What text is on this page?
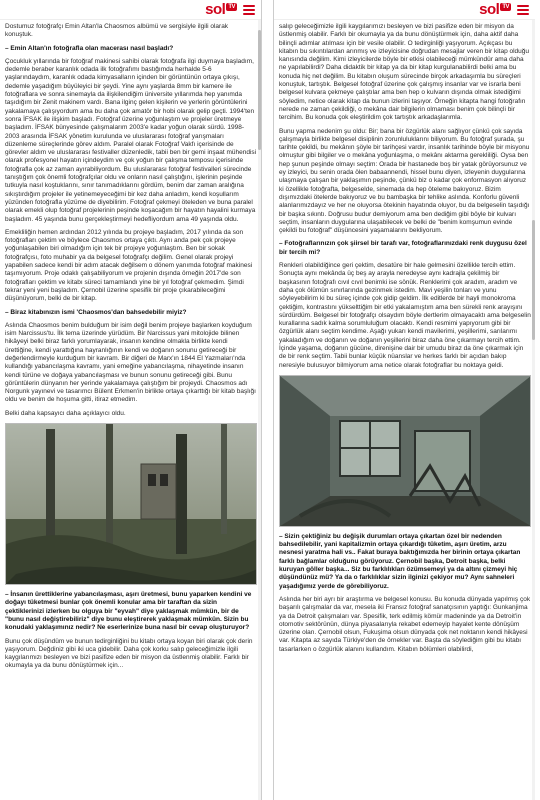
sol TV

Dostumuz fotoğrafçı Emin Altan'la Chaosmos albümü ve sergisiyle ilgili olarak konuştuk.

– Emin Altan'ın fotoğrafla olan macerası nasıl başladı?

Çocukluk yıllarında bir fotoğraf makinesi sahibi olarak fotoğrafa ilgi duymaya başladım, dedemle beraber karanlık odada ilk fotoğrafımı bastığımda herhalde 5-6 yaşlarındaydım, karanlık odada kimyasalların içinden bir görüntünün ortaya çıkışı, dedemle yaşadığım büyüleyici bir şeydi. Yine aynı yaşlarda 8mm bir kamere ile fotoğraflara ve sonra sinemayla da ilişkilendiğim üniversite yıllarımda hep yanımda taşıdığım bir Zenit makinem vardı. Bana ilginç gelen kişilerin ve yerlerin görüntülerini yakalamaya çalışıyordum ama bu daha çok amatör bir hobi olarak gelip geçti. 1994'ten sonra İFSAK ile ilişkim başladı. Fotoğraf üzerine yoğunlaştım ve projeler üretmeye başladım. İFSAK bünyesinde çalışmalarım 2003'e kadar yoğun olarak sürdü. 1998-2003 arasında İFSAK yönetim kurulunda ve uluslararası fotoğraf yarışmaları düzenleme süreçlerinde görev aldım. Paralel olarak Fotoğraf Vakfı içerisinde de görevler aldım ve uluslararası festivaller düzenledik, tabii ben bir gemi inşaat mühendisi olarak profesyonel hayatın içindeydim ve çok yoğun bir çalışma temposu içerisinde fotoğrafla çok az zaman ayırabiliyordum. Bu uluslararası fotoğraf festivalleri sürecinde tanıştığım çok önemli fotoğrafçılar oldu ve onların nasıl çalıştığını, işlerinin peşinde tutkuyla nasıl koştuklarını, sınır tanımadıklarını gördüm, benim dar zaman aralığına sıkıştırdığım projeler ile yetinemeyeceğimi bir kez daha anladım, kendi koşullarım yüzünden fotoğrafla yüzüme de diyebilirim. Fotoğraf çekmeyi öteleden ve buna paralel olarak emekli olup fotoğraf projelerinin peşinde koşacağım bir hayatın hayalini kurmaya başladım. 45 yaşında bunu gerçekleştirmeyi hedefliyordum ama 49 yaşında oldu.

Emekliliğin hemen ardından 2012 yılında bu projeye başladım, 2017 yılında da son fotoğrafları çektim ve böylece Chaosmos ortaya çıktı. Aynı anda pek çok projeye yoğunlaşabilen biri olmadığım için tek bir projeye yoğunlaştım. Ben bir sokak fotoğrafçısı, foto muhabir ya da belgesel fotoğrafçı değilim. Genel olarak projeyi yapabilen sadece kendi bir adım atacak değilsem o dönem yanımda fotoğraf makinesi taşımıyorum. Proje odaklı çalışabiliyorum ve projenin dışında örneğin 2017'de son fotoğrafları çektim ve kitabı süreci tamamlandı yine bir yıl fotoğraf çekmedim. Şimdi tekrar yeni yeni başladım. Çernobil üzerine spesifik bir proje çıkarabileceğimi düşünüyorum, belki de bir kitap.

– Biraz kitabınızın ismi 'Chaosmos'dan bahsedebilir miyiz?

Aslında Chaosmos benim bulduğum bir isim değil benim projeye başlarken koyduğum isim Narcissus'tu. İlk tema üzerinde yürüdüm. Bir Narcissus yani mitolojide bilinen hikâyeyi belki biraz farklı yorumlayarak, insanın kendine olmakla birlikte kendi ürettiğine, kendi yarattığına hayranlığının kendi ve doğanın sonunu getireceği bir değerlendirmeyle kurduğum bir kavram. Bir diğeri de Marx'ın 1844 El Yazmaları'nda kullandığı yabancılaşma kavramı, yani emeğine yabancılaşma, nihayetinde insanın kendi türüne ve doğaya yabancılaşması ve bunun sonunu getireceği gibi. Bunu görüntülerin dünyanın her yerinde yakalamaya çalıştığım bir projeydi. Chaosmos adı Norgunk yayınevi ve tasarımcı Bülent Erkmen'in birlikte ortaya çıkarttığı bir kitab başlığı oldu ve benim de hoşuma gitti, itiraz etmedim.

Belki daha kapsayıcı daha açıklayıcı oldu.

– İnsanın ürettiklerine yabancılaşması, aşırı üretmesi, bunu yaparken kendini ve doğayı tüketmesi bunlar çok önemli konular ama bir taraftan da sizin çektiklerinizi izlerken bu olguya bir "eyvah" diye yaklaşmak mümkün, bir de "bunu nasıl değiştirebiliriz" diye bunu eleştirerek yaklaşmak mümkün. Sizin bu konudaki yaklaşımınız nedir? Ne eserlerinize buna nasıl bir cevap oluşturuyor?

Bunu çok düşündüm ve bunun tedirginliğini bu kitabı ortaya koyan biri olarak çok derin yaşıyorum. Değdiniz gibi iki uca gidebilir. Daha çok korku salıp geleceğimizle ilgili kaygılarımızı besleyen ve bizi pasifize eden bir misyon da üstlenmiş olabilir. Farklı bir okumayla ya da bunu dönüştürmek için...

sol TV

salıp geleceğimizle ilgili kaygılarımızı besleyen ve bizi pasifize eden bir misyon da üstlenmiş olabilir. Farklı bir okumayla ya da bunu dönüştürmek için, daha aktif daha bilinçli adımlar atılması için bir vesile olabilir. O tedirginliği yaşıyorum. Açıkçası bu kitabın bu sıkıntılardan arınmış ve izleyicisine doğrudan mesajlar veren bir kitap olduğu kanısında değilim. Kimi izleyicilerde böyle bir etkisi olabileceği mümkündür ama daha ne yapılabilirdi? Daha didaktik bir kitap ya da bir kitap kurgulanabilirdi belki ama bu konuda hiç net değilim. Bu kitabın oluşum sürecinde birçok arkadaşımla bu süreçleri konuştuk, tartıştık. Belgesel fotoğraf üzerine çok çalışmış insanlar var ve israrla beni belgesel kulvara çekmeye çalıştılar ama ben hep o kulvarın dışında olmak istediğimi söyledim, netice olarak kitap da bunun izlerini taşıyor. Örneğin kitapta hangi fotoğrafın nerede ne zaman çekildiği, o mekâna dair bilgilerin olmaması benim çok bilinçli bir tercihim. Bu konuda çok eleştirildim çok tartıştık arkadaşlarımla.

Bunu yapma nedenim şu oldu: Bir; bana bir özgürlük alanı sağlıyor çünkü çok sayıda çalışmayla birlikte belgesel disiplinin zorunluluklarını biliyorum. Bu fotoğraf şurada, şu tarihte çekildi, bu mekânın şöyle bir tarihçesi vardır, insanlık tarihinde böyle bir misyonu olmuştur gibi bilgiler ve o mekâna yoğunlaşma, o mekânı aktarma gerekliliği. Oysa ben hep şunun peşinde olmayı seçtim: Orada bir hastanede boş bir yatak görüyorsunuz ve ey izleyici, bu senin orada ölen babaannendi, hissel bunu diyen, izleyenin duygularına ulaşmaya çalışan bir yaklaşımın peşinde, çünkü biz o kadar çok enformasyon alıyoruz ki özellikle fotoğrafta, belgeselde, sinemada da hep öteleme bakıyoruz. Bizim dışımızdaki ötelerde bakıyoruz ve bu bambaşka bir tehlike aslında. Konforlu güvenli alanlarımızdayız ve her ne oluyorsa ötekinin hayatında oluyor, bu da belgeselin taşıdığı bir başka sıkıntı. Doğrusu budur demiyorum ama ben dediğim gibi böyle bir kulvarı seçtim, insanların duygularına ulaşabilecek ve belki de "benim komşumun evinde çekildi bu fotoğraf" düşüncesini yaşamalarını bekliyorum.

– Fotoğraflarınızın çok şiirsel bir tarafı var, fotoğraflarınızdaki renk duygusu özel bir tercih mi?

Renkleri olabildiğince geri çektim, desatüre bir hale gelmesini özellikle tercih ettim. Sonuçta aynı mekânda üç beş ay arayla neredeyse aynı kadrajla çekilmiş bir başkasının fotoğrafı cıvıl cıvıl benimki ise sönük. Renklerimi çok aradım, aradım ve daha çok ölümün sınırlarında gezinmek istedim. Mavi yeşilin tonları ve yunu söyleyebilirim ki bu süreç içinde çok gidip geldim. İlk editlerde bir hayli monokroma çektiğim, kontrastını yükselttiğim bir etki yakalamıştım ama ben sürekli renk arayışını sürdürdüm. Belgesel bir fotoğrafçı olsaydım böyle dertlerim olmayacaktı ama belgeselin kurallarına sadık kalma sorumluluğum olacaktı. Kendi resmimi yapıyorum gibi bir özgürlük alanı seçtim kendime. Aşağı yukarı kendi mavilerimi, yeşillerimi, sarılarımı yakaladığım ve doğanın ve doğanın yeşillerini biraz daha öne çıkarmayı tercih ettim. İçinde yaşama, doğanın gücüne, direnişine dair bir umudu biraz da öne çıkarmak için de bir renk seçtim. Tabii bunlar küçük nüanslar ve herkes farklı bir açıdan bakıp neresiyle bulusuyor bilmiyorum ama netice olarak fotoğraflar bu noktaya geldi.

– Sizin çektiğiniz bu değişik durumları ortaya çıkartan özel bir nedenden bahsedilebilir, yani kapitalizmin ortaya çıkardığı tüketim, aşırı üretim, arzu nesnesi yaratma hali vs.. Fakat buraya baktığımızda her birinin ortaya çıkartan farklı bağlamlar olduğunu görüyoruz. Çernobil başka, Detroit başka, belki kuruyan göller başka... Siz bu farklılıkları özümsemeyi ya da altını çizmeyi hiç düşündünüz mü? Ya da o farklılıklar sizin ilginizi çekiyor mu? Aynı sahneleri yaşadığımız yerde de görebiliyoruz.

Aslında her biri ayrı bir araştırma ve belgesel konusu. Bu konuda dünyada yapılmış çok başarılı çalışmalar da var, mesela iki Fransız fotoğraf sanatçısının yaptığı: Gunkanjima ya da Detroit çalışmaları var. Spesifik, terk edilmiş kömür madeninde ya da Detroit'in otomotiv sektörünün, dünya piyasalarıyla rekabet edemeyip hayalet kente dönüşüm üzerine olan. Çernobil olsun, Fukuşima olsun dünyada çok net noktanın kendi hikâyesi var. Kitapta az sayıda Türkiye'den de örnekler var. Başta da söylediğim gibi bu kitabı tasarlarken o özgürlük alanını kullandım. Kitabın bölümleri olabilirdi,
